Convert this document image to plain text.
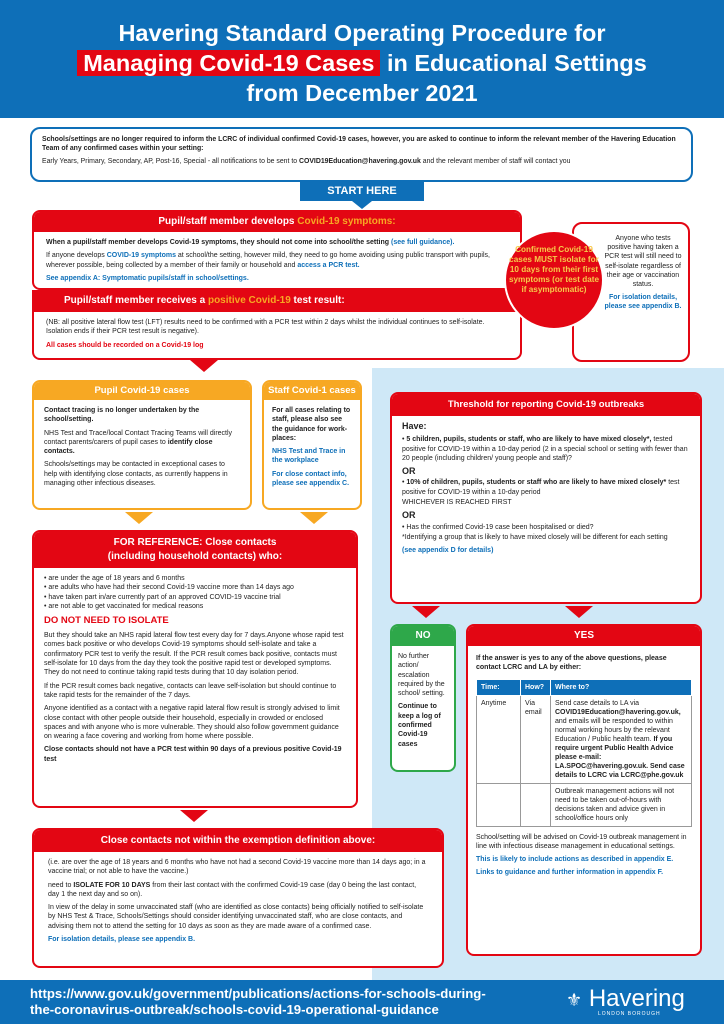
Havering Standard Operating Procedure for
Managing Covid-19 Cases in Educational Settings
from December 2021

Schools/settings are no longer required to inform the LCRC of individual confirmed Covid-19 cases, however, you are asked to continue to inform the relevant member of the Havering Education Team of any confirmed cases within your setting:

Early Years, Primary, Secondary, AP, Post-16, Special - all notifications to be sent to COVID19Education@havering.gov.uk and the relevant member of staff will contact you

START HERE
Pupil/staff member develops Covid-19 symptoms:

When a pupil/staff member develops Covid-19 symptoms, they should not come into school/the setting (see full guidance).

If anyone develops COVID-19 symptoms at school/the setting, however mild, they need to go home avoiding using public transport with pupils, wherever possible, being collected by a member of their family or household and access a PCR test.

See appendix A: Symptomatic pupils/staff in school/settings.

Pupil/staff member receives a positive Covid-19 test result:

(NB: all positive lateral flow test (LFT) results need to be confirmed with a PCR test within 2 days whilst the individual continues to self-isolate. Isolation ends if their PCR test result is negative).

All cases should be recorded on a Covid-19 log

Anyone who tests positive having taken a PCR test will still need to self-isolate regardless of their age or vaccination status.

For isolation details, please see appendix B.

Confirmed Covid-19 cases MUST isolate for 10 days from their first symptoms (or test date if asymptomatic)
Pupil Covid-19 cases

Contact tracing is no longer undertaken by the school/setting.

NHS Test and Trace/local Contact Tracing Teams will directly contact parents/carers of pupil cases to identify close contacts.

Schools/settings may be contacted in exceptional cases to help with identifying close contacts, as currently happens in managing other infectious diseases.

Staff Covid-1 cases

For all cases relating to staff, please also see the guidance for work-places:

NHS Test and Trace in the workplace

For close contact info, please see appendix C.

FOR REFERENCE: Close contacts
(including household contacts) who:
• are under the age of 18 years and 6 months
• are adults who have had their second Covid-19 vaccine more than 14 days ago
• have taken part in/are currently part of an approved COVID-19 vaccine trial
• are not able to get vaccinated for medical reasons

DO NOT NEED TO ISOLATE

But they should take an NHS rapid lateral flow test every day for 7 days.Anyone whose rapid test comes back positive or who develops Covid-19 symptoms should self-isolate and take a confirmatory PCR test to verify the result. If the PCR result comes back positive, contacts must self-isolate for 10 days from the day they took the positive rapid test or developed symptoms. They do not need to continue taking rapid tests during that 10 day isolation period.

If the PCR result comes back negative, contacts can leave self-isolation but should continue to take rapid tests for the remainder of the 7 days.

Anyone identified as a contact with a negative rapid lateral flow result is strongly advised to limit close contact with other people outside their household, especially in crowded or enclosed spaces and with anyone who is more vulnerable. They should also follow government guidance on wearing a face covering and working from home where possible.

Close contacts should not have a PCR test within 90 days of a previous positive Covid-19 test

Close contacts not within the exemption definition above:

(i.e. are over the age of 18 years and 6 months who have not had a second Covid-19 vaccine more than 14 days ago; in a vaccine trial; or not able to have the vaccine.)

need to ISOLATE FOR 10 DAYS from their last contact with the confirmed Covid-19 case (day 0 being the last contact, day 1 the next day and so on).

In view of the delay in some unvaccinated staff (who are identified as close contacts) being officially notified to self-isolate by NHS Test & Trace, Schools/Settings should consider identifying unvaccinated staff, who are close contacts, and advising them not to attend the setting for 10 days as soon as they are made aware of a confirmed case.

For isolation details, please see appendix B.

Threshold for reporting Covid-19 outbreaks

Have:

• 5 children, pupils, students or staff, who are likely to have mixed closely*, tested positive for COVID-19 within a 10-day period (2 in a special school or setting with fewer than 20 people (including children/ young people and staff)?

OR

• 10% of children, pupils, students or staff who are likely to have mixed closely* test positive for COVID-19 within a 10-day period

WHICHEVER IS REACHED FIRST

OR

• Has the confirmed Covid-19 case been hospitalised or died?

*Identifying a group that is likely to have mixed closely will be different for each setting

(see appendix D for details)

NO

No further action/ escalation required by the school/ setting.

Continue to keep a log of confirmed Covid-19 cases

YES

If the answer is yes to any of the above questions, please contact LCRC and LA by either:

Time:	How?	Where to?
Anytime	Via email	Send case details to LA via COVID19Education@havering.gov.uk, and emails will be responded to within normal working hours by the relevant Education / Public health team. If you require urgent Public Health Advice please e-mail: LA.SPOC@havering.gov.uk. Send case details to LCRC via LCRC@phe.gov.uk
		Outbreak management actions will not need to be taken out-of-hours with decisions taken and advice given in school/office hours only

School/setting will be advised on Covid-19 outbreak management in line with infectious disease management in educational settings.

This is likely to include actions as described in appendix E.

Links to guidance and further information in appendix F.

https://www.gov.uk/government/publications/actions-for-schools-during-
the-coronavirus-outbreak/schools-covid-19-operational-guidance	⚜ Havering
LONDON BOROUGH
